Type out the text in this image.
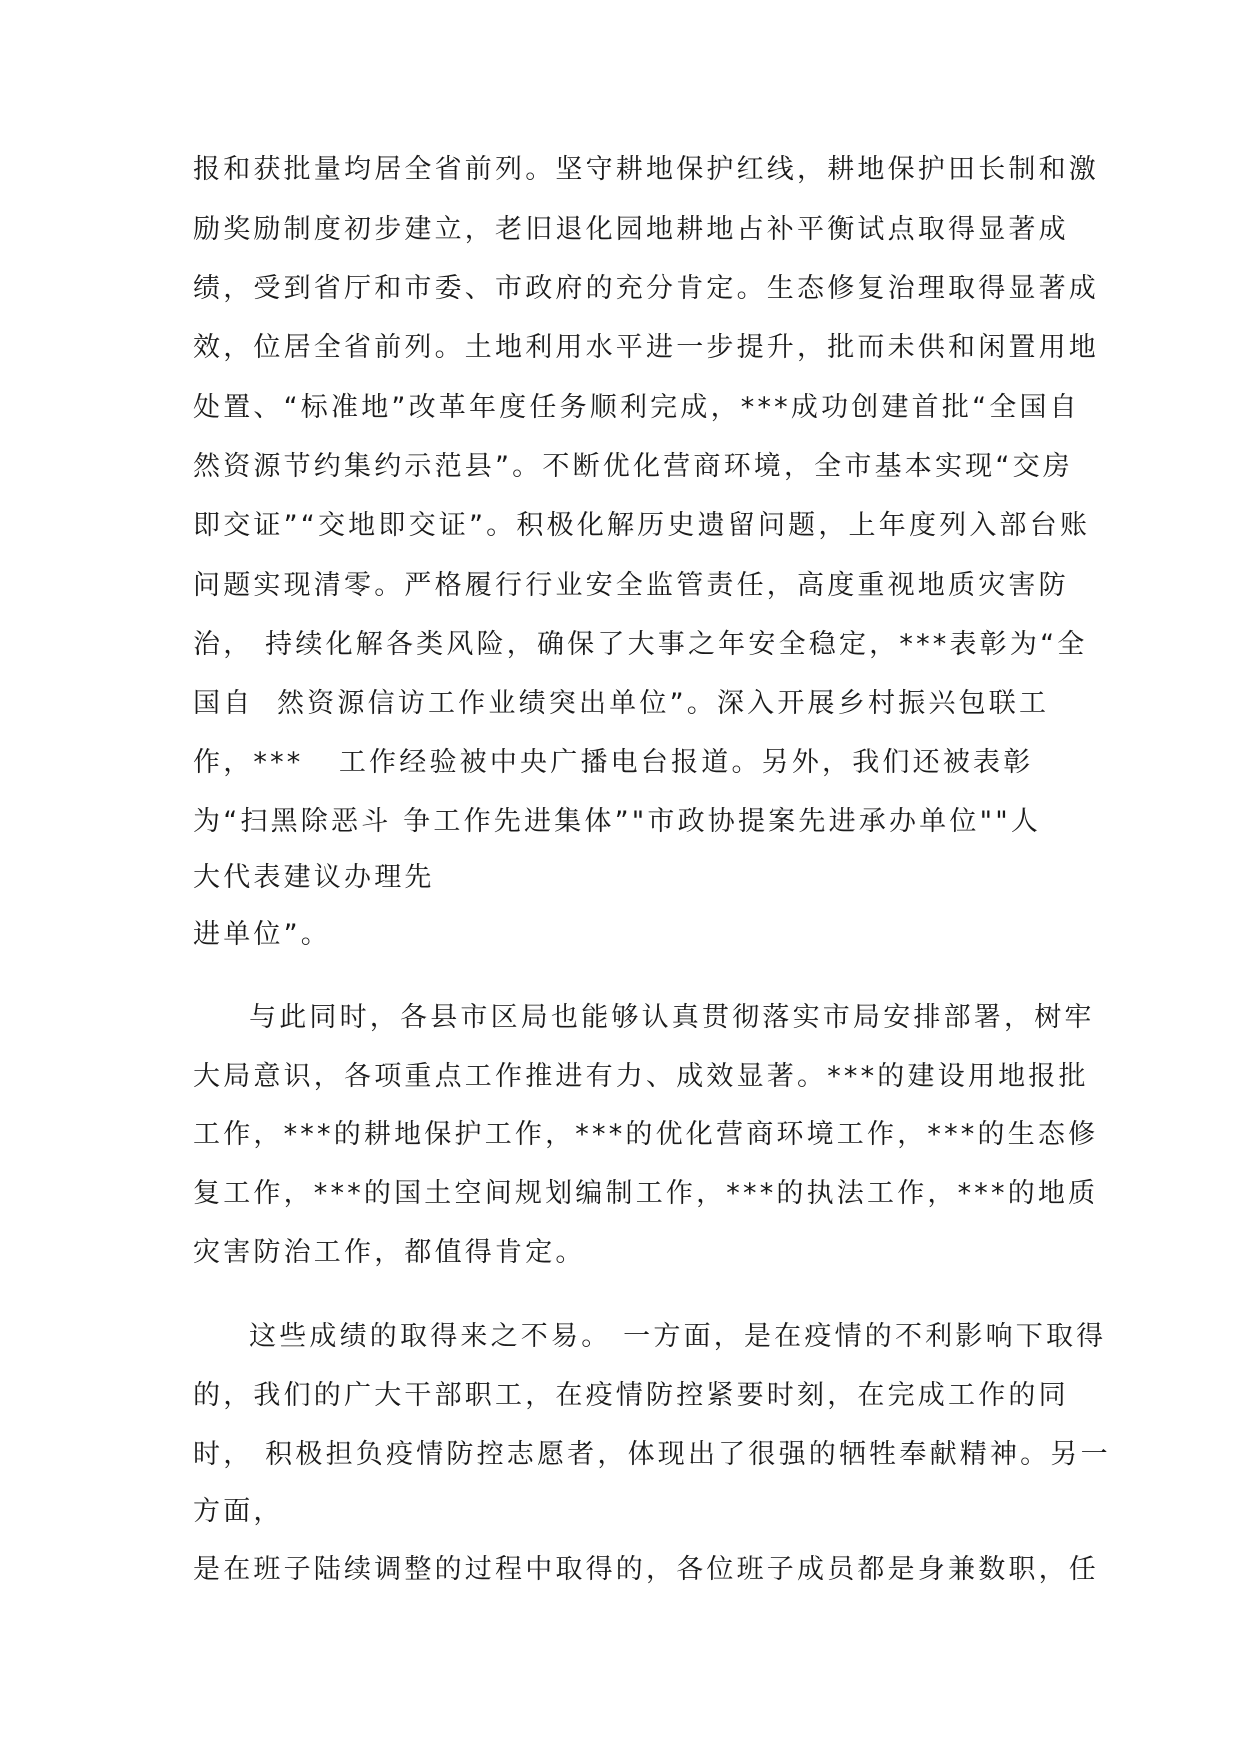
报和获批量均居全省前列。坚守耕地保护红线，耕地保护田长制和激
励奖励制度初步建立，老旧退化园地耕地占补平衡试点取得显著成
绩，受到省厅和市委、市政府的充分肯定。生态修复治理取得显著成
效，位居全省前列。土地利用水平进一步提升，批而未供和闲置用地
处置、“标准地”改革年度任务顺利完成，***成功创建首批“全国自
然资源节约集约示范县”。不断优化营商环境，全市基本实现“交房
即交证”“交地即交证”。积极化解历史遗留问题，上年度列入部台账
问题实现清零。严格履行行业安全监管责任，高度重视地质灾害防
治， 持续化解各类风险，确保了大事之年安全稳定，***表彰为“全
国自  然资源信访工作业绩突出单位”。深入开展乡村振兴包联工
作，***   工作经验被中央广播电台报道。另外，我们还被表彰
为“扫黑除恶斗 争工作先进集体”"市政协提案先进承办单位""人
大代表建议办理先
进单位”。
与此同时，各县市区局也能够认真贯彻落实市局安排部署，树牢
大局意识，各项重点工作推进有力、成效显著。***的建设用地报批
工作，***的耕地保护工作，***的优化营商环境工作，***的生态修
复工作，***的国土空间规划编制工作，***的执法工作，***的地质
灾害防治工作，都值得肯定。
这些成绩的取得来之不易。 一方面，是在疫情的不利影响下取得
的，我们的广大干部职工，在疫情防控紧要时刻，在完成工作的同
时， 积极担负疫情防控志愿者，体现出了很强的牺牲奉献精神。另一
方面，
是在班子陆续调整的过程中取得的，各位班子成员都是身兼数职，任
